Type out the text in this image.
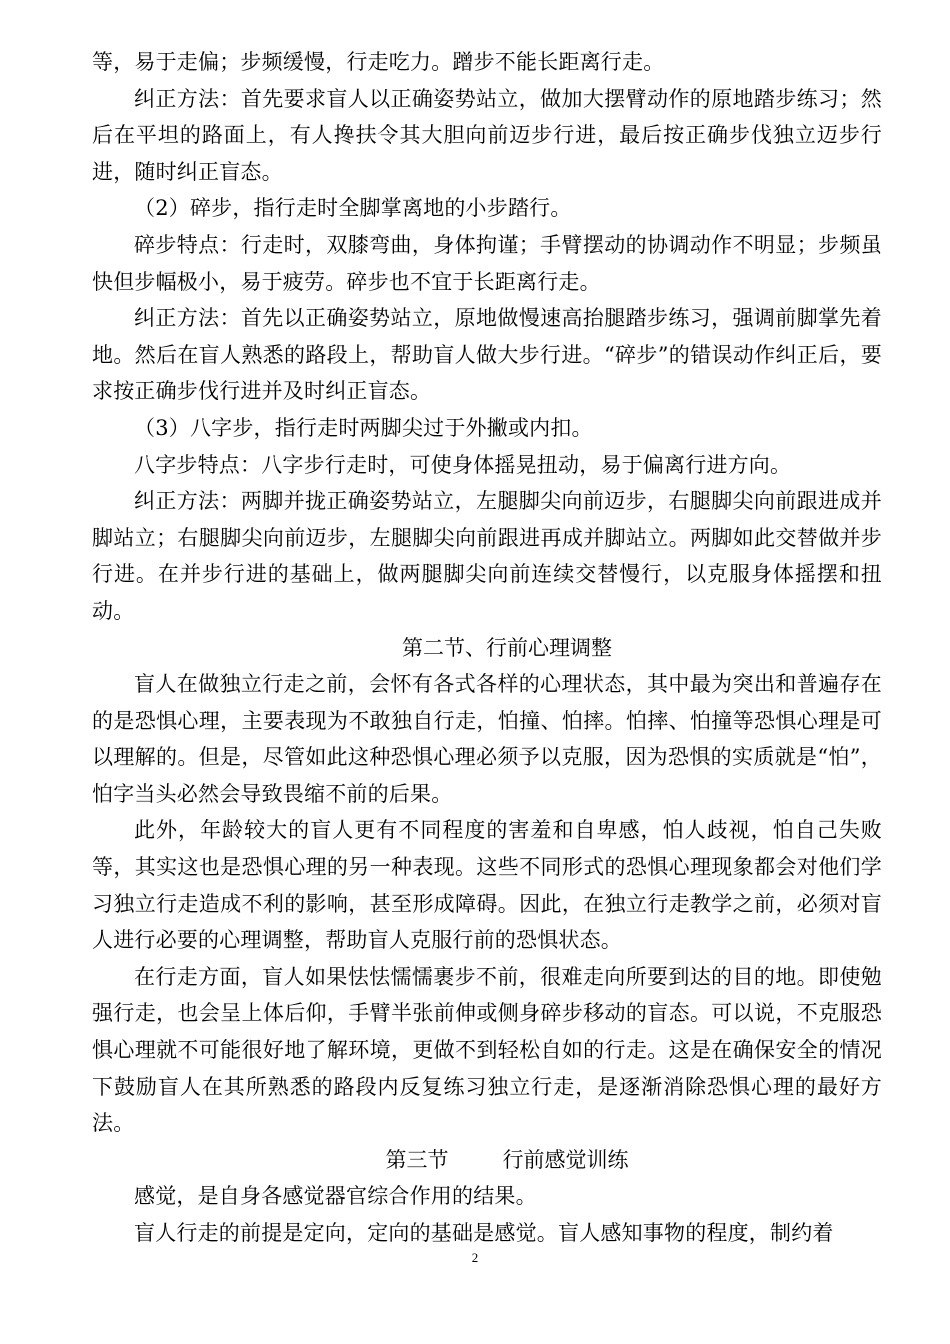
等，易于走偏；步频缓慢，行走吃力。蹭步不能长距离行走。

纠正方法：首先要求盲人以正确姿势站立，做加大摆臂动作的原地踏步练习；然后在平坦的路面上，有人搀扶令其大胆向前迈步行进，最后按正确步伐独立迈步行进，随时纠正盲态。

（2）碎步，指行走时全脚掌离地的小步踏行。

碎步特点：行走时，双膝弯曲，身体拘谨；手臂摆动的协调动作不明显；步频虽快但步幅极小，易于疲劳。碎步也不宜于长距离行走。

纠正方法：首先以正确姿势站立，原地做慢速高抬腿踏步练习，强调前脚掌先着地。然后在盲人熟悉的路段上，帮助盲人做大步行进。“碎步”的错误动作纠正后，要求按正确步伐行进并及时纠正盲态。

（3）八字步，指行走时两脚尖过于外撇或内扣。

八字步特点：八字步行走时，可使身体摇晃扭动，易于偏离行进方向。

纠正方法：两脚并拢正确姿势站立，左腿脚尖向前迈步，右腿脚尖向前跟进成并脚站立；右腿脚尖向前迈步，左腿脚尖向前跟进再成并脚站立。两脚如此交替做并步行进。在并步行进的基础上，做两腿脚尖向前连续交替慢行，以克服身体摇摆和扭动。

第二节、行前心理调整

盲人在做独立行走之前，会怀有各式各样的心理状态，其中最为突出和普遍存在的是恐惧心理，主要表现为不敢独自行走，怕撞、怕摔。怕摔、怕撞等恐惧心理是可以理解的。但是，尽管如此这种恐惧心理必须予以克服，因为恐惧的实质就是“怕”，怕字当头必然会导致畏缩不前的后果。

此外，年龄较大的盲人更有不同程度的害羞和自卑感，怕人歧视，怕自己失败等，其实这也是恐惧心理的另一种表现。这些不同形式的恐惧心理现象都会对他们学习独立行走造成不利的影响，甚至形成障碍。因此，在独立行走教学之前，必须对盲人进行必要的心理调整，帮助盲人克服行前的恐惧状态。

在行走方面，盲人如果怯怯懦懦裹步不前，很难走向所要到达的目的地。即使勉强行走，也会呈上体后仰，手臂半张前伸或侧身碎步移动的盲态。可以说，不克服恐惧心理就不可能很好地了解环境，更做不到轻松自如的行走。这是在确保安全的情况下鼓励盲人在其所熟悉的路段内反复练习独立行走，是逐渐消除恐惧心理的最好方法。

第三节	行前感觉训练

感觉，是自身各感觉器官综合作用的结果。

盲人行走的前提是定向，定向的基础是感觉。盲人感知事物的程度，制约着

2
